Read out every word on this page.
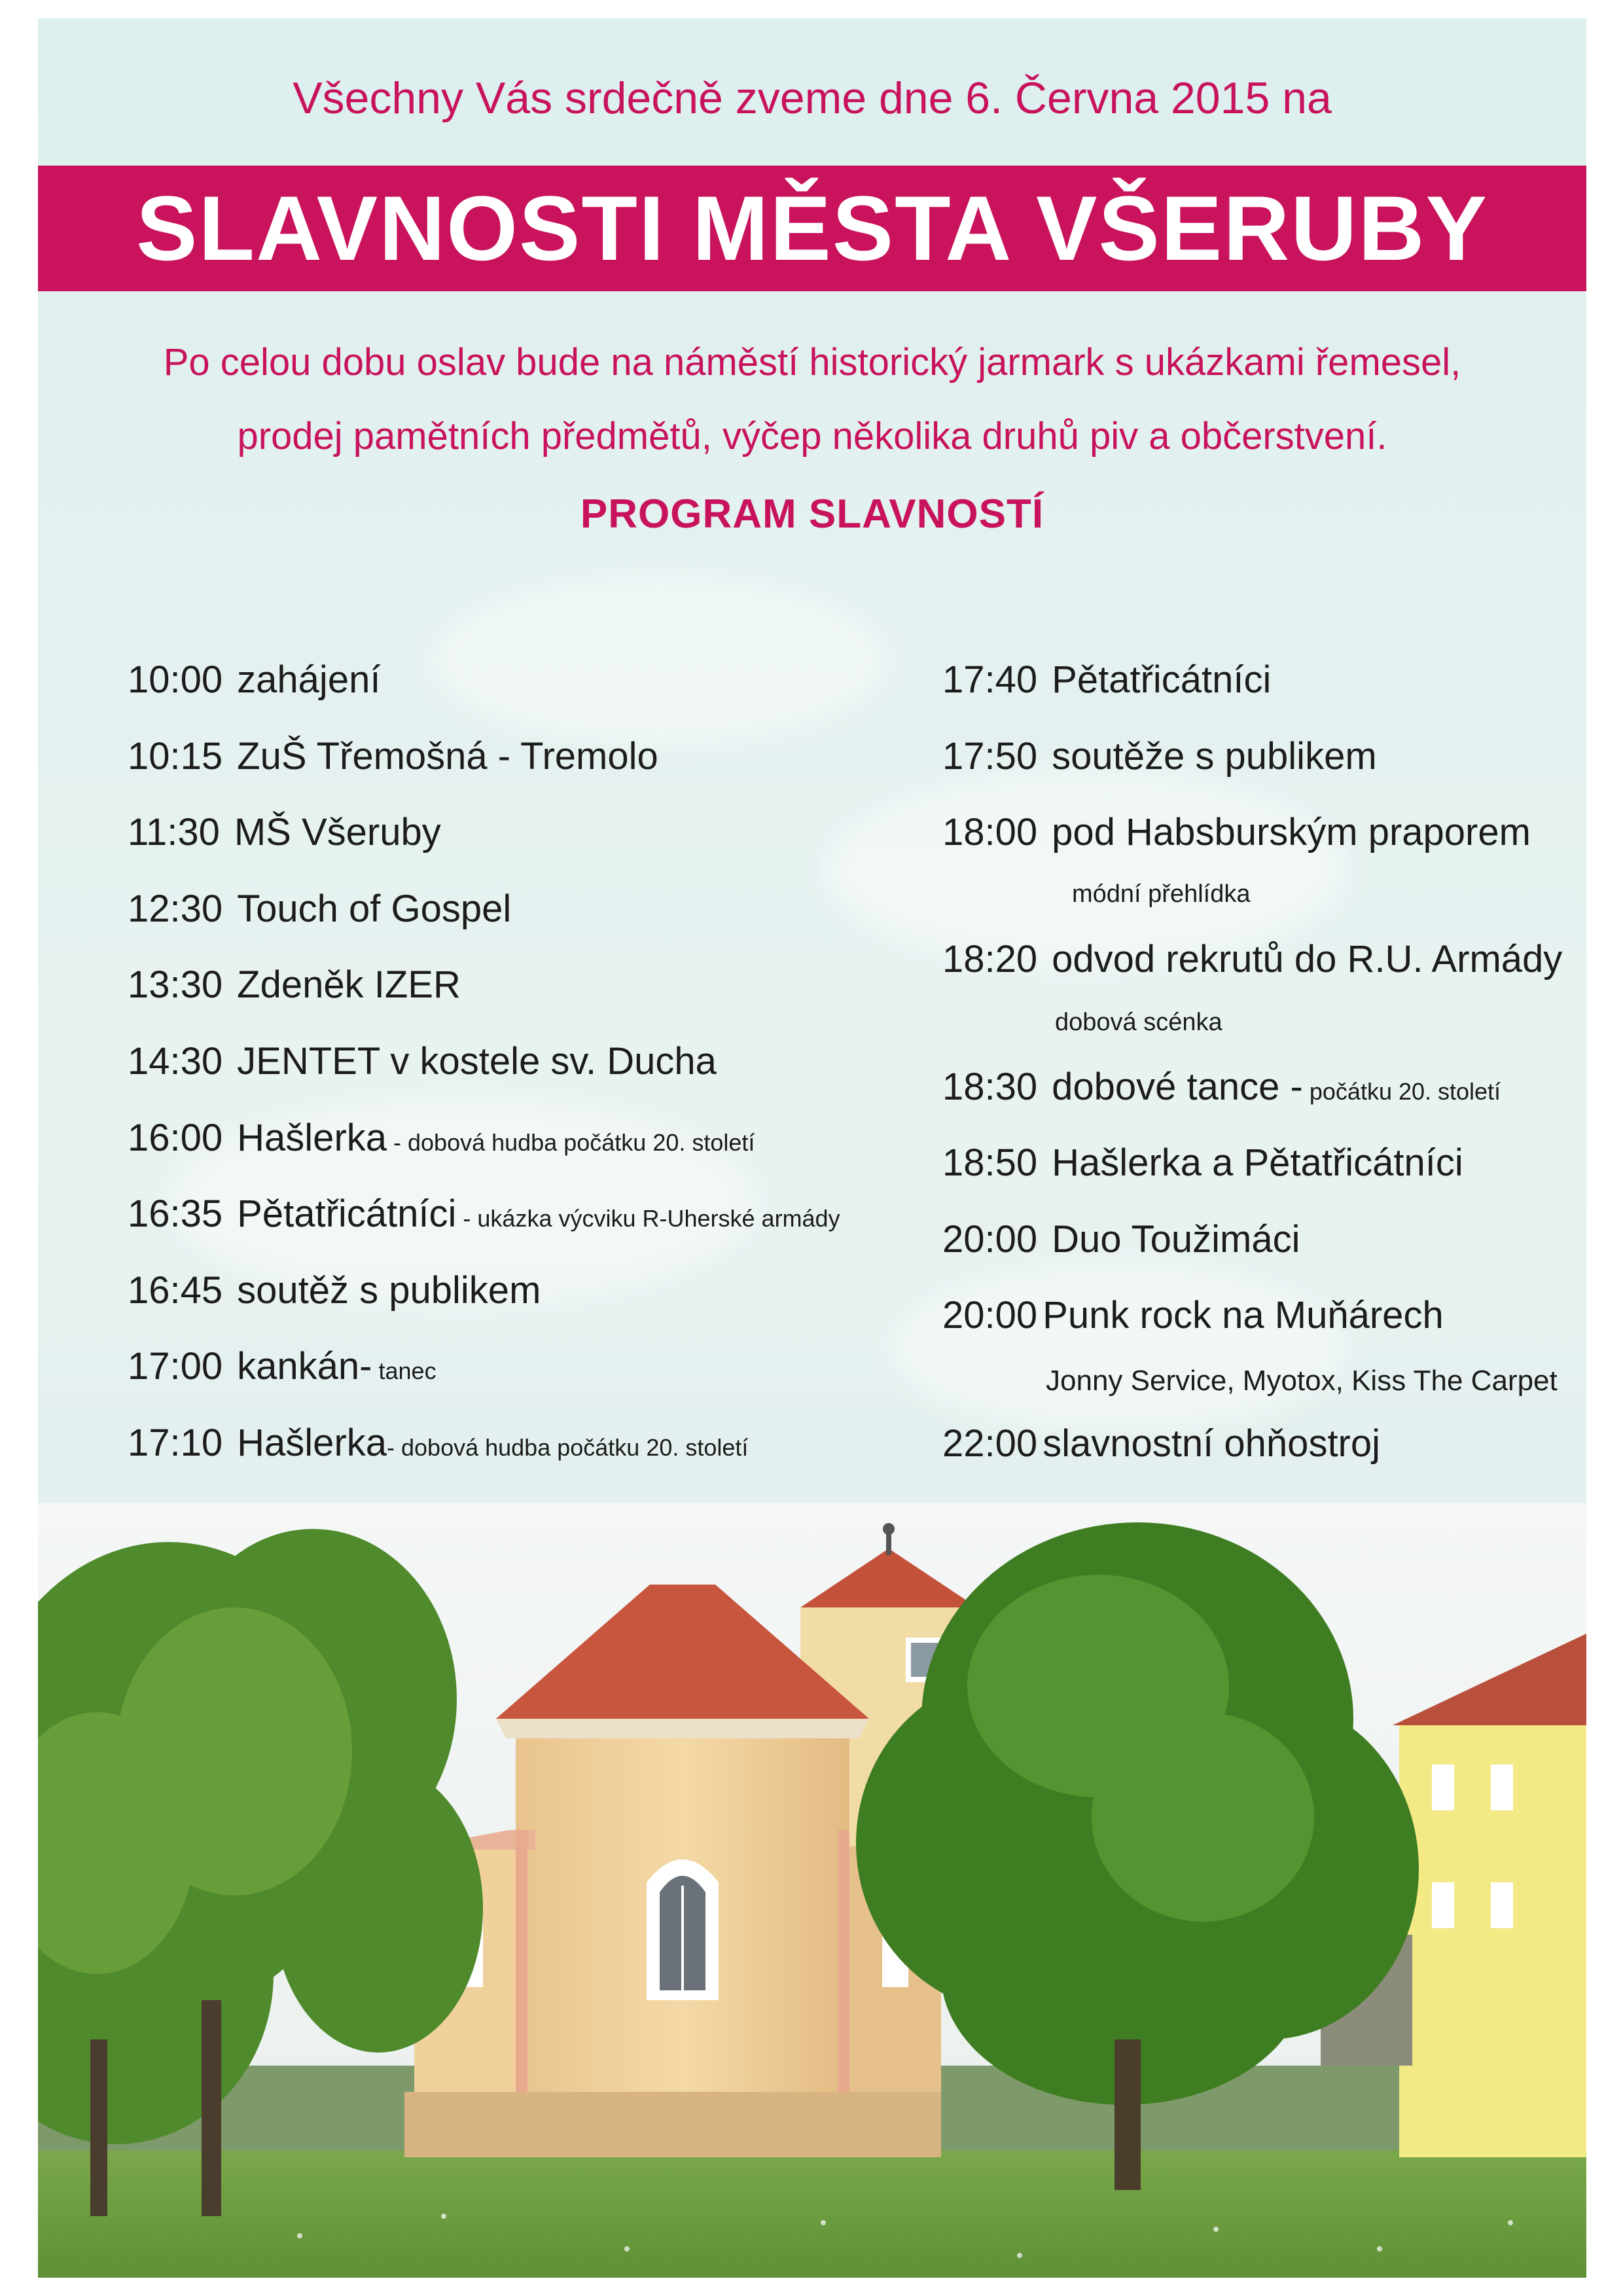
Všechny Vás srdečně zveme dne 6. Června 2015 na

SLAVNOSTI MĚSTA VŠERUBY
Po celou dobu oslav bude na náměstí historický jarmark s ukázkami řemesel,
prodej pamětních předmětů, výčep několika druhů piv a občerstvení.
PROGRAM SLAVNOSTÍ
10:00 zahájení
10:15 ZuŠ Třemošná - Tremolo
11:30 MŠ Všeruby
12:30 Touch of Gospel
13:30 Zdeněk IZER
14:30 JENTET v kostele sv. Ducha
16:00 Hašlerka - dobová hudba počátku 20. století
16:35 Pětatřicátníci - ukázka výcviku R-Uherské armády
16:45 soutěž s publikem
17:00 kankán- tanec
17:10 Hašlerka- dobová hudba počátku 20. století
17:40 Pětatřicátníci
17:50 soutěže s publikem
18:00 pod Habsburským praporem
módní přehlídka
18:20 odvod rekrutů do R.U. Armády
dobová scénka
18:30 dobové tance - počátku 20. století
18:50 Hašlerka a Pětatřicátníci
20:00 Duo Toužimáci
20:00 Punk rock na Muňárech
Jonny Service, Myotox, Kiss The Carpet
22:00 slavnostní ohňostroj
